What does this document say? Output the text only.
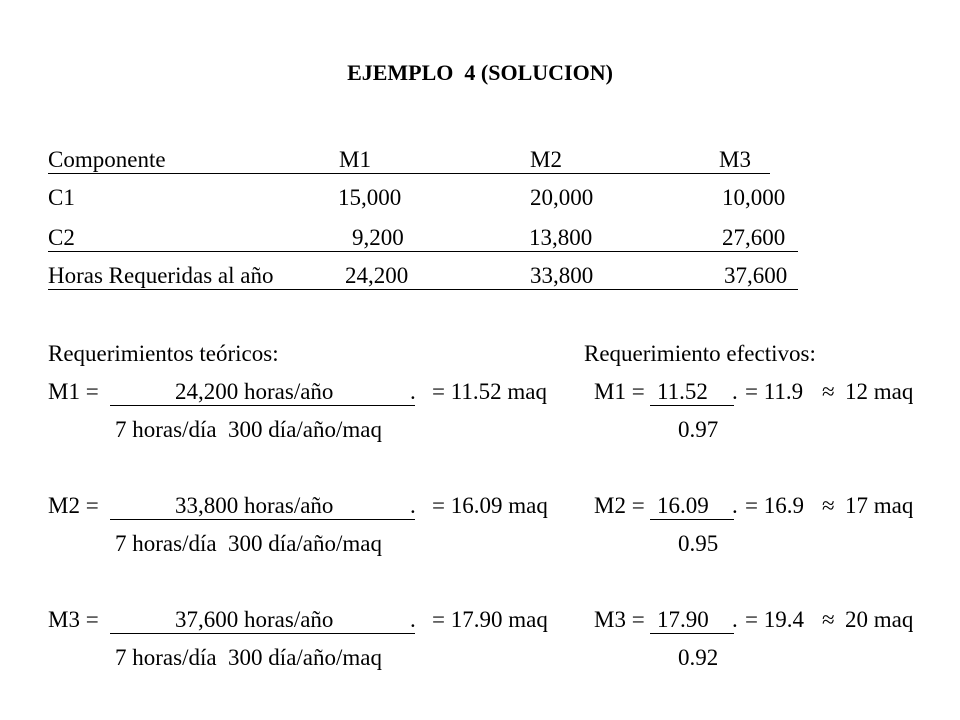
EJEMPLO  4 (SOLUCION)
Componente	M1	M2	M3
C1	15,000	20,000	10,000
C2	9,200	13,800	27,600
Horas Requeridas al año	24,200	33,800	37,600
Requerimientos teóricos:	Requerimiento efectivos:
M1 =	24,200 horas/año	. = 11.52 maq
7 horas/día  300 día/año/maq
M1 = 11.52 . = 11.9 ≈ 12 maq
0.97
M2 =	33,800 horas/año	. = 16.09 maq
7 horas/día  300 día/año/maq
M2 = 16.09 . = 16.9 ≈ 17 maq
0.95
M3 =	37,600 horas/año	. = 17.90 maq
7 horas/día  300 día/año/maq
M3 = 17.90 . = 19.4 ≈ 20 maq
0.92
